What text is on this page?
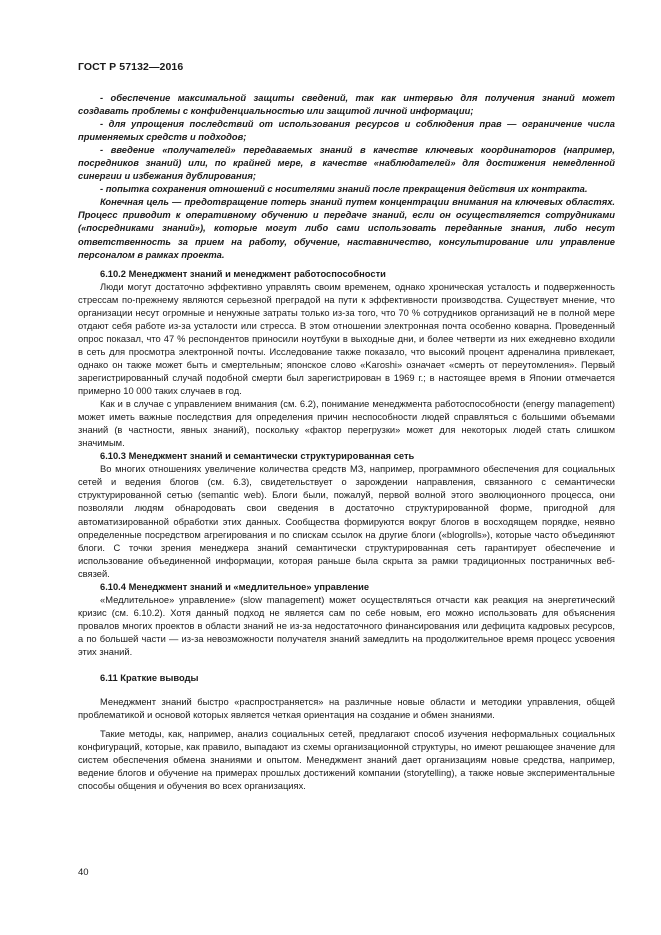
ГОСТ Р 57132—2016

- обеспечение максимальной защиты сведений, так как интервью для получения знаний может создавать проблемы с конфиденциальностью или защитой личной информации;

- для упрощения последствий от использования ресурсов и соблюдения прав — ограничение числа применяемых средств и подходов;

- введение «получателей» передаваемых знаний в качестве ключевых координаторов (например, посредников знаний) или, по крайней мере, в качестве «наблюдателей» для достижения немедленной синергии и избежания дублирования;

- попытка сохранения отношений с носителями знаний после прекращения действия их контракта.

Конечная цель — предотвращение потерь знаний путем концентрации внимания на ключевых областях. Процесс приводит к оперативному обучению и передаче знаний, если он осуществляется сотрудниками («посредниками знаний»), которые могут либо сами использовать переданные знания, либо несут ответственность за прием на работу, обучение, наставничество, консультирование или управление персоналом в рамках проекта.

6.10.2 Менеджмент знаний и менеджмент работоспособности

Люди могут достаточно эффективно управлять своим временем, однако хроническая усталость и подверженность стрессам по-прежнему являются серьезной преградой на пути к эффективности производства. Существует мнение, что организации несут огромные и ненужные затраты только из-за того, что 70 % сотрудников организаций не в полной мере отдают себя работе из-за усталости или стресса. В этом отношении электронная почта особенно коварна. Проведенный опрос показал, что 47 % респондентов приносили ноутбуки в выходные дни, и более четверти из них ежедневно входили в сеть для просмотра электронной почты. Исследование также показало, что высокий процент адреналина привлекает, однако он также может быть и смертельным; японское слово «Karoshi» означает «смерть от переутомления». Первый зарегистрированный случай подобной смерти был зарегистрирован в 1969 г.; в настоящее время в Японии отмечается примерно 10 000 таких случаев в год.

Как и в случае с управлением внимания (см. 6.2), понимание менеджмента работоспособности (energy management) может иметь важные последствия для определения причин неспособности людей справляться с большими объемами знаний (в частности, явных знаний), поскольку «фактор перегрузки» может для некоторых людей стать слишком значимым.

6.10.3 Менеджмент знаний и семантически структурированная сеть

Во многих отношениях увеличение количества средств МЗ, например, программного обеспечения для социальных сетей и ведения блогов (см. 6.3), свидетельствует о зарождении направления, связанного с семантически структурированной сетью (semantic web). Блоги были, пожалуй, первой волной этого эволюционного процесса, они позволяли людям обнародовать свои сведения в достаточно структурированной форме, пригодной для автоматизированной обработки этих данных. Сообщества формируются вокруг блогов в восходящем порядке, неявно определенные посредством агрегирования и по спискам ссылок на другие блоги («blogrolls»), которые часто объединяют блоги. С точки зрения менеджера знаний семантически структурированная сеть гарантирует обеспечение и использование объединенной информации, которая раньше была скрыта за рамки традиционных постраничных веб-связей.

6.10.4 Менеджмент знаний и «медлительное» управление

«Медлительное» управление» (slow management) может осуществляться отчасти как реакция на энергетический кризис (см. 6.10.2). Хотя данный подход не является сам по себе новым, его можно использовать для объяснения провалов многих проектов в области знаний не из-за недостаточного финансирования или дефицита кадровых ресурсов, а по большей части — из-за невозможности получателя знаний замедлить на продолжительное время процесс усвоения этих знаний.

6.11 Краткие выводы

Менеджмент знаний быстро «распространяется» на различные новые области и методики управления, общей проблематикой и основой которых является четкая ориентация на создание и обмен знаниями.

Такие методы, как, например, анализ социальных сетей, предлагают способ изучения неформальных социальных конфигураций, которые, как правило, выпадают из схемы организационной структуры, но имеют решающее значение для систем обеспечения обмена знаниями и опытом. Менеджмент знаний дает организациям новые средства, например, ведение блогов и обучение на примерах прошлых достижений компании (storytelling), а также новые экспериментальные способы общения и обучения во всех организациях.

40
